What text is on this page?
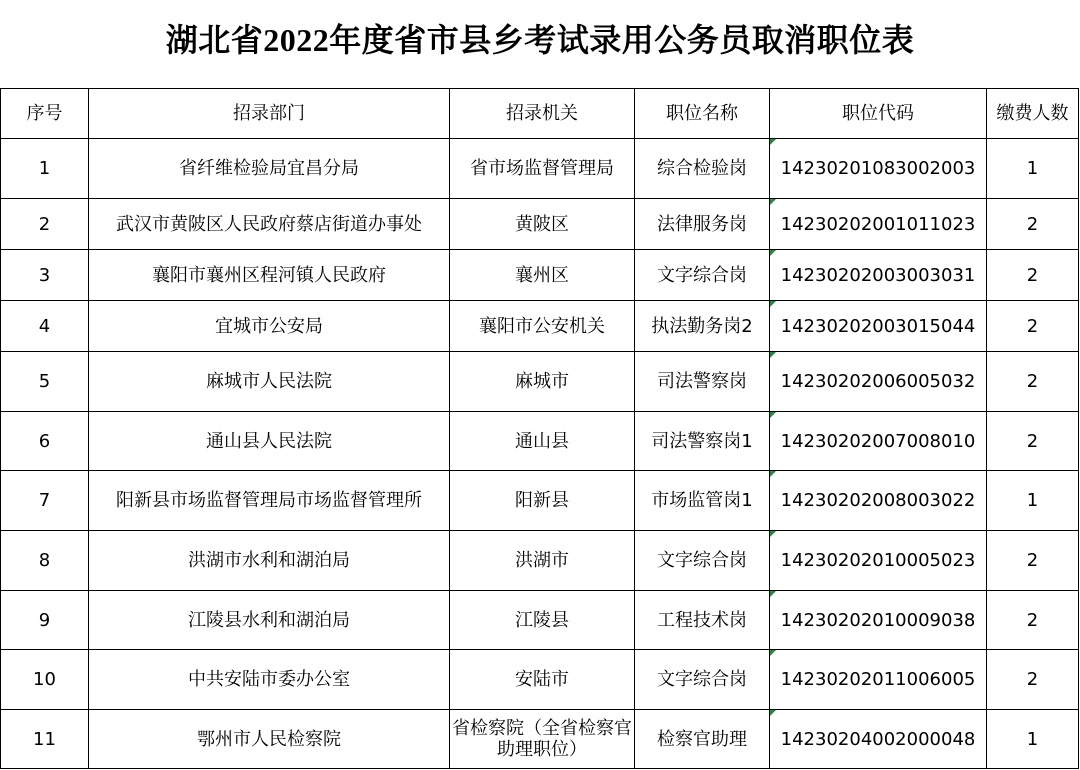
湖北省2022年度省市县乡考试录用公务员取消职位表
序号	招录部门	招录机关	职位名称	职位代码	缴费人数
1	省纤维检验局宜昌分局	省市场监督管理局	综合检验岗	14230201083002003	1
2	武汉市黄陂区人民政府蔡店街道办事处	黄陂区	法律服务岗	14230202001011023	2
3	襄阳市襄州区程河镇人民政府	襄州区	文字综合岗	14230202003003031	2
4	宜城市公安局	襄阳市公安机关	执法勤务岗2	14230202003015044	2
5	麻城市人民法院	麻城市	司法警察岗	14230202006005032	2
6	通山县人民法院	通山县	司法警察岗1	14230202007008010	2
7	阳新县市场监督管理局市场监督管理所	阳新县	市场监管岗1	14230202008003022	1
8	洪湖市水利和湖泊局	洪湖市	文字综合岗	14230202010005023	2
9	江陵县水利和湖泊局	江陵县	工程技术岗	14230202010009038	2
10	中共安陆市委办公室	安陆市	文字综合岗	14230202011006005	2
11	鄂州市人民检察院	省检察院（全省检察官助理职位）	检察官助理	14230204002000048	1
